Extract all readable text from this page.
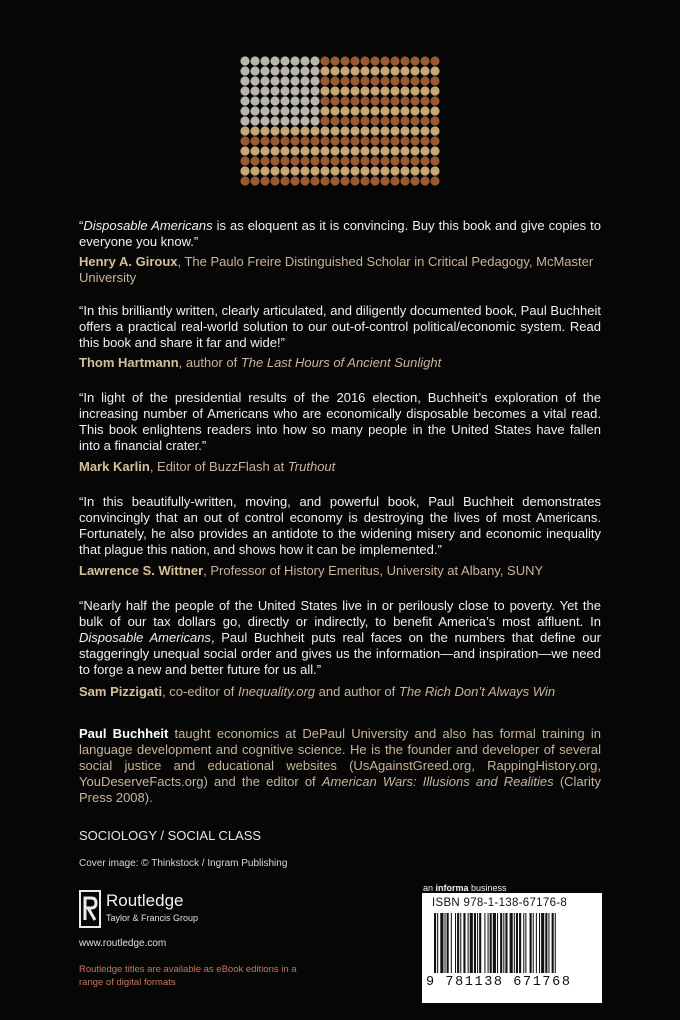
“Disposable Americans is as eloquent as it is convincing. Buy this book and give copies to everyone you know.”
Henry A. Giroux, The Paulo Freire Distinguished Scholar in Critical Pedagogy, McMaster University
“In this brilliantly written, clearly articulated, and diligently documented book, Paul Buchheit offers a practical real-world solution to our out-of-control political/economic system. Read this book and share it far and wide!”
Thom Hartmann, author of The Last Hours of Ancient Sunlight
“In light of the presidential results of the 2016 election, Buchheit’s exploration of the increasing number of Americans who are economically disposable becomes a vital read. This book enlightens readers into how so many people in the United States have fallen into a financial crater.”
Mark Karlin, Editor of BuzzFlash at Truthout
“In this beautifully-written, moving, and powerful book, Paul Buchheit demonstrates convincingly that an out of control economy is destroying the lives of most Americans. Fortunately, he also provides an antidote to the widening misery and economic inequality that plague this nation, and shows how it can be implemented.”
Lawrence S. Wittner, Professor of History Emeritus, University at Albany, SUNY
“Nearly half the people of the United States live in or perilously close to poverty. Yet the bulk of our tax dollars go, directly or indirectly, to benefit America’s most affluent. In Disposable Americans, Paul Buchheit puts real faces on the numbers that define our staggeringly unequal social order and gives us the information—and inspiration—we need to forge a new and better future for us all.”
Sam Pizzigati, co-editor of Inequality.org and author of The Rich Don’t Always Win
Paul Buchheit taught economics at DePaul University and also has formal training in language development and cognitive science. He is the founder and developer of several social justice and educational websites (UsAgainstGreed.org, RappingHistory.org, YouDeserveFacts.org) and the editor of American Wars: Illusions and Realities (Clarity Press 2008).
SOCIOLOGY / SOCIAL CLASS
Cover image: © Thinkstock / Ingram Publishing
Routledge
Taylor & Francis Group
www.routledge.com
Routledge titles are available as eBook editions in a range of digital formats
an informa business
ISBN 978-1-138-67176-8
9 781138 671768
